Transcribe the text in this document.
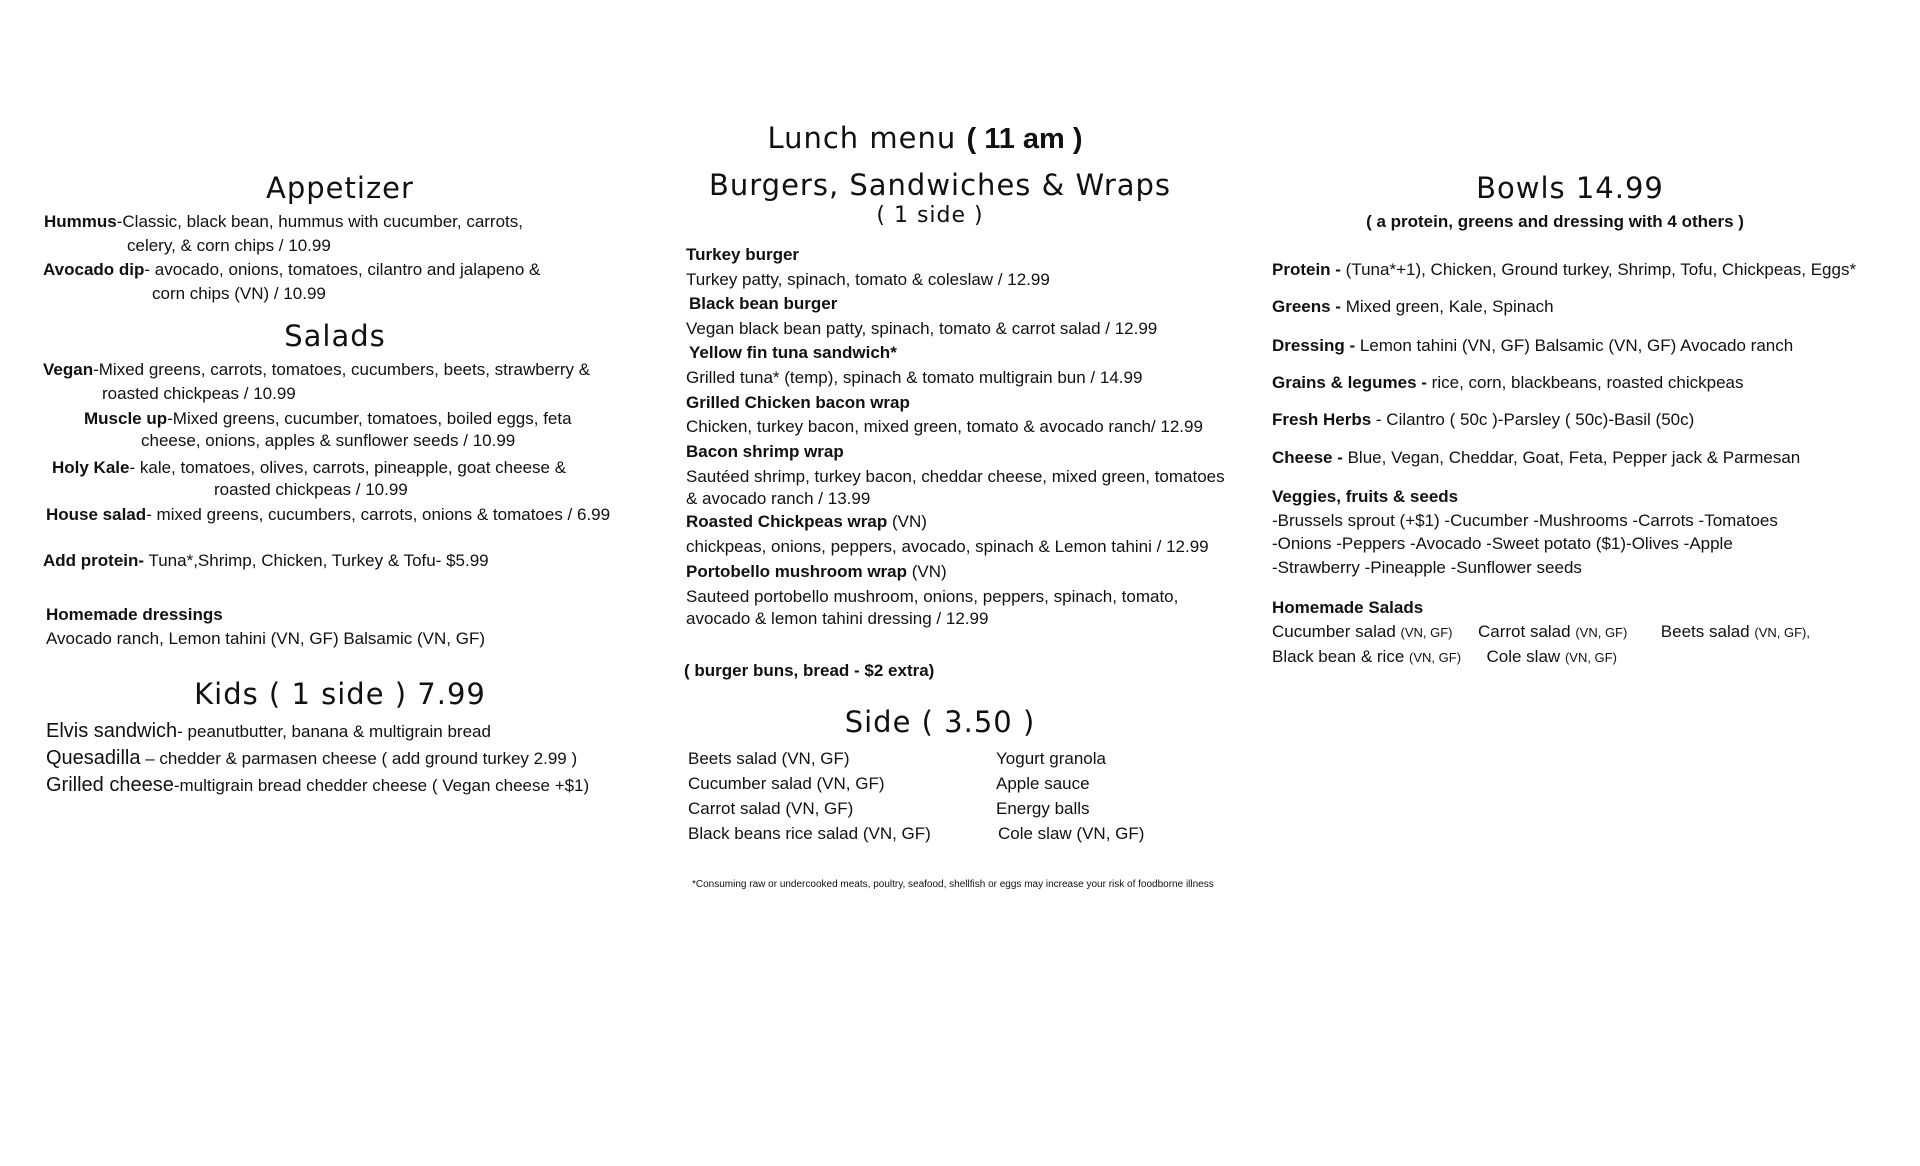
Lunch menu ( 11 am )
Appetizer
Hummus-Classic, black bean, hummus with cucumber, carrots,
celery, & corn chips / 10.99
Avocado dip- avocado, onions, tomatoes, cilantro and jalapeno &
corn chips (VN) / 10.99
Salads
Vegan-Mixed greens, carrots, tomatoes, cucumbers, beets, strawberry &
roasted chickpeas / 10.99
Muscle up-Mixed greens, cucumber, tomatoes, boiled eggs, feta
cheese, onions, apples & sunflower seeds / 10.99
Holy Kale- kale, tomatoes, olives, carrots, pineapple, goat cheese &
roasted chickpeas / 10.99
House salad- mixed greens, cucumbers, carrots, onions & tomatoes / 6.99
Add protein- Tuna*,Shrimp, Chicken, Turkey & Tofu- $5.99
Homemade dressings
Avocado ranch, Lemon tahini (VN, GF) Balsamic (VN, GF)
Kids ( 1 side ) 7.99
Elvis sandwich- peanutbutter, banana & multigrain bread
Quesadilla – chedder & parmasen cheese ( add ground turkey 2.99 )
Grilled cheese-multigrain bread chedder cheese ( Vegan cheese +$1)
Burgers, Sandwiches & Wraps
( 1 side )
Turkey burger
Turkey patty, spinach, tomato & coleslaw / 12.99
Black bean burger
Vegan black bean patty, spinach, tomato & carrot salad / 12.99
Yellow fin tuna sandwich*
Grilled tuna* (temp), spinach & tomato multigrain bun / 14.99
Grilled Chicken bacon wrap
Chicken, turkey bacon, mixed green, tomato & avocado ranch/ 12.99
Bacon shrimp wrap
Sautéed shrimp, turkey bacon, cheddar cheese, mixed green, tomatoes
& avocado ranch / 13.99
Roasted Chickpeas wrap (VN)
chickpeas, onions, peppers, avocado, spinach & Lemon tahini / 12.99
Portobello mushroom wrap (VN)
Sauteed portobello mushroom, onions, peppers, spinach, tomato,
avocado & lemon tahini dressing / 12.99
( burger buns, bread - $2 extra)
Side ( 3.50 )
Beets salad (VN, GF)
Cucumber salad (VN, GF)
Carrot salad (VN, GF)
Black beans rice salad (VN, GF)
Yogurt granola
Apple sauce
Energy balls
Cole slaw (VN, GF)
*Consuming raw or undercooked meats, poultry, seafood, shellfish or eggs may increase your risk of foodborne illness
Bowls 14.99
( a protein, greens and dressing with 4 others )
Protein - (Tuna*+1), Chicken, Ground turkey, Shrimp, Tofu, Chickpeas, Eggs*
Greens - Mixed green, Kale, Spinach
Dressing - Lemon tahini (VN, GF) Balsamic (VN, GF) Avocado ranch
Grains & legumes - rice, corn, blackbeans, roasted chickpeas
Fresh Herbs - Cilantro ( 50c )-Parsley ( 50c)-Basil (50c)
Cheese - Blue, Vegan, Cheddar, Goat, Feta, Pepper jack & Parmesan
Veggies, fruits & seeds
-Brussels sprout (+$1) -Cucumber -Mushrooms -Carrots -Tomatoes
-Onions -Peppers -Avocado -Sweet potato ($1)-Olives -Apple
-Strawberry -Pineapple -Sunflower seeds
Homemade Salads
Cucumber salad (VN, GF) Carrot salad (VN, GF) Beets salad (VN, GF),
Black bean & rice (VN, GF) Cole slaw (VN, GF)
